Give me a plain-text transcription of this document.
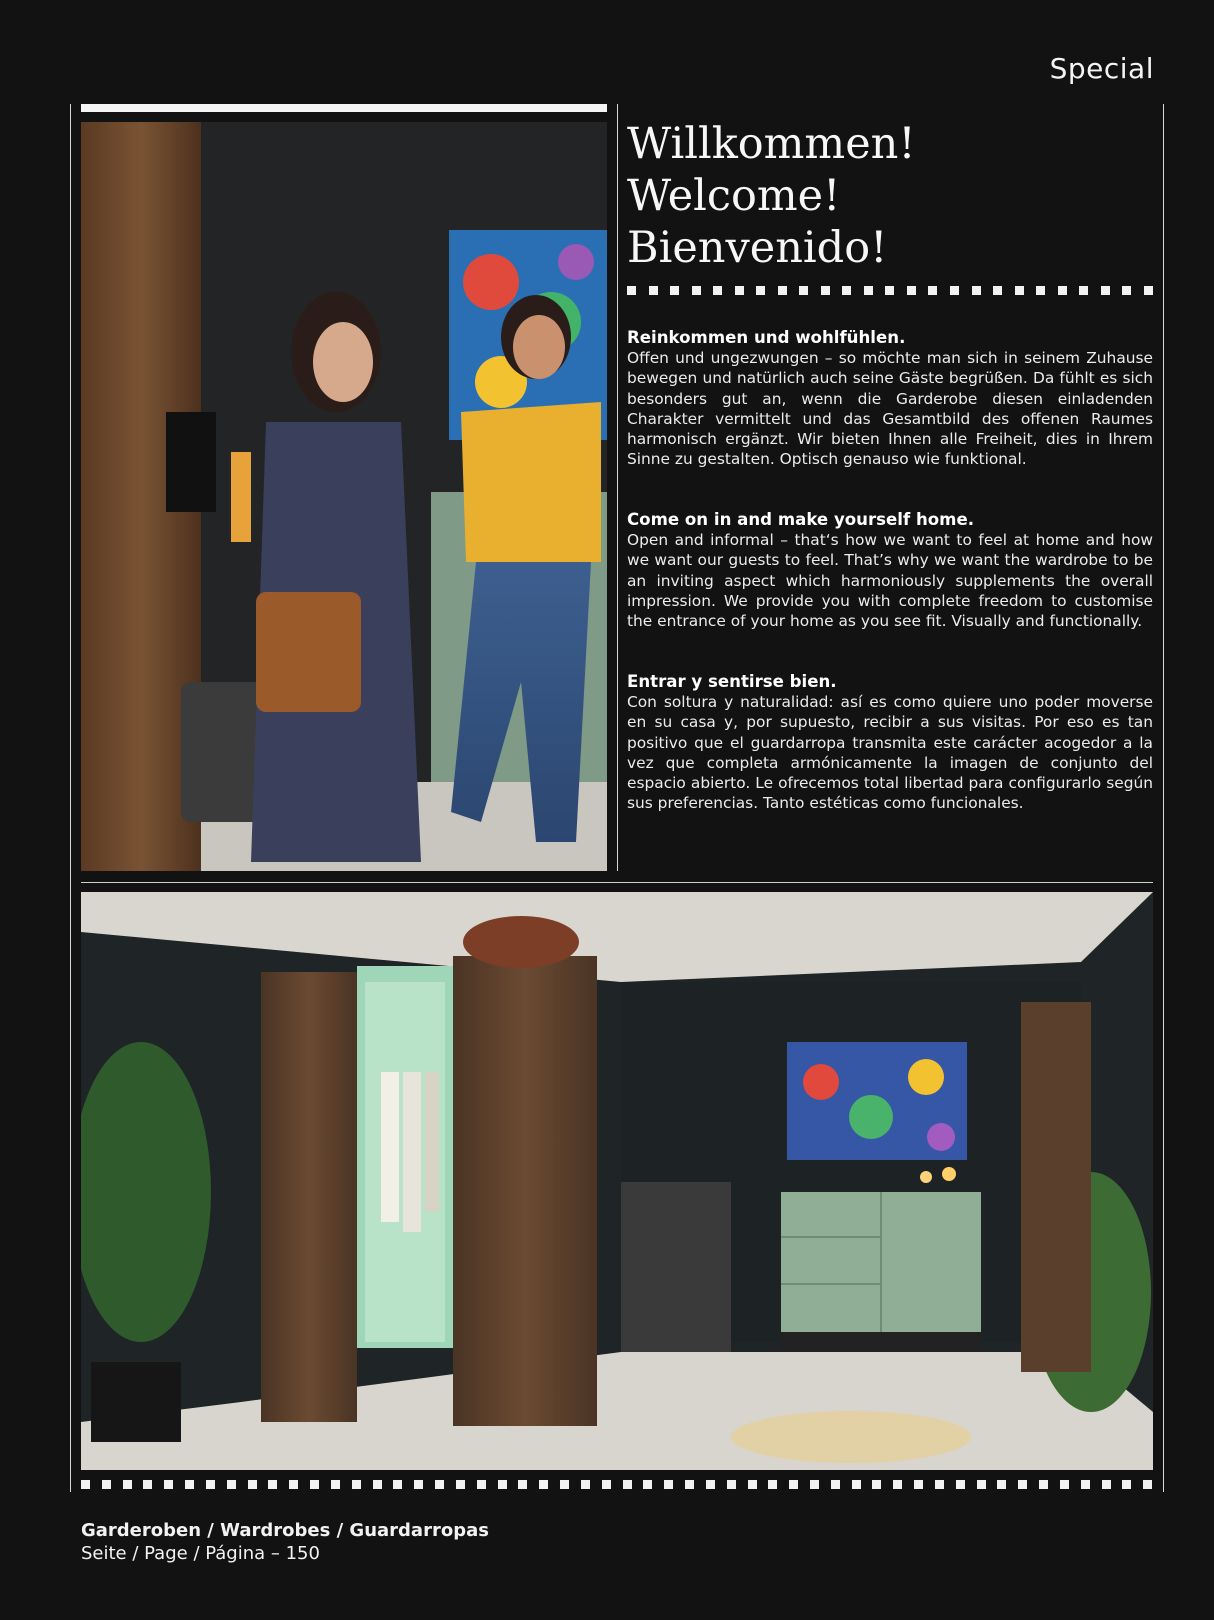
Special
Willkommen!
Welcome!
Bienvenido!
Reinkommen und wohlfühlen.
Offen und ungezwungen – so möchte man sich in seinem Zuhause bewegen und natürlich auch seine Gäste begrüßen. Da fühlt es sich besonders gut an, wenn die Garderobe diesen einladenden Charakter vermittelt und das Gesamtbild des offenen Raumes harmonisch ergänzt. Wir bieten Ihnen alle Freiheit, dies in Ihrem Sinne zu gestalten. Optisch genauso wie funktional.
Come on in and make yourself home.
Open and informal – that‘s how we want to feel at home and how we want our guests to feel. That’s why we want the wardrobe to be an inviting aspect which harmoniously supplements the overall impression. We provide you with complete freedom to customise the entrance of your home as you see fit. Visually and functionally.
Entrar y sentirse bien.
Con soltura y naturalidad: así es como quiere uno poder moverse en su casa y, por supuesto, recibir a sus visitas. Por eso es tan positivo que el guardarropa transmita este carácter acogedor a la vez que completa armónicamente la imagen de conjunto del espacio abierto. Le ofrecemos total libertad para configurarlo según sus preferencias. Tanto estéticas como funcionales.
Garderoben / Wardrobes / Guardarropas
Seite / Page / Página – 150
